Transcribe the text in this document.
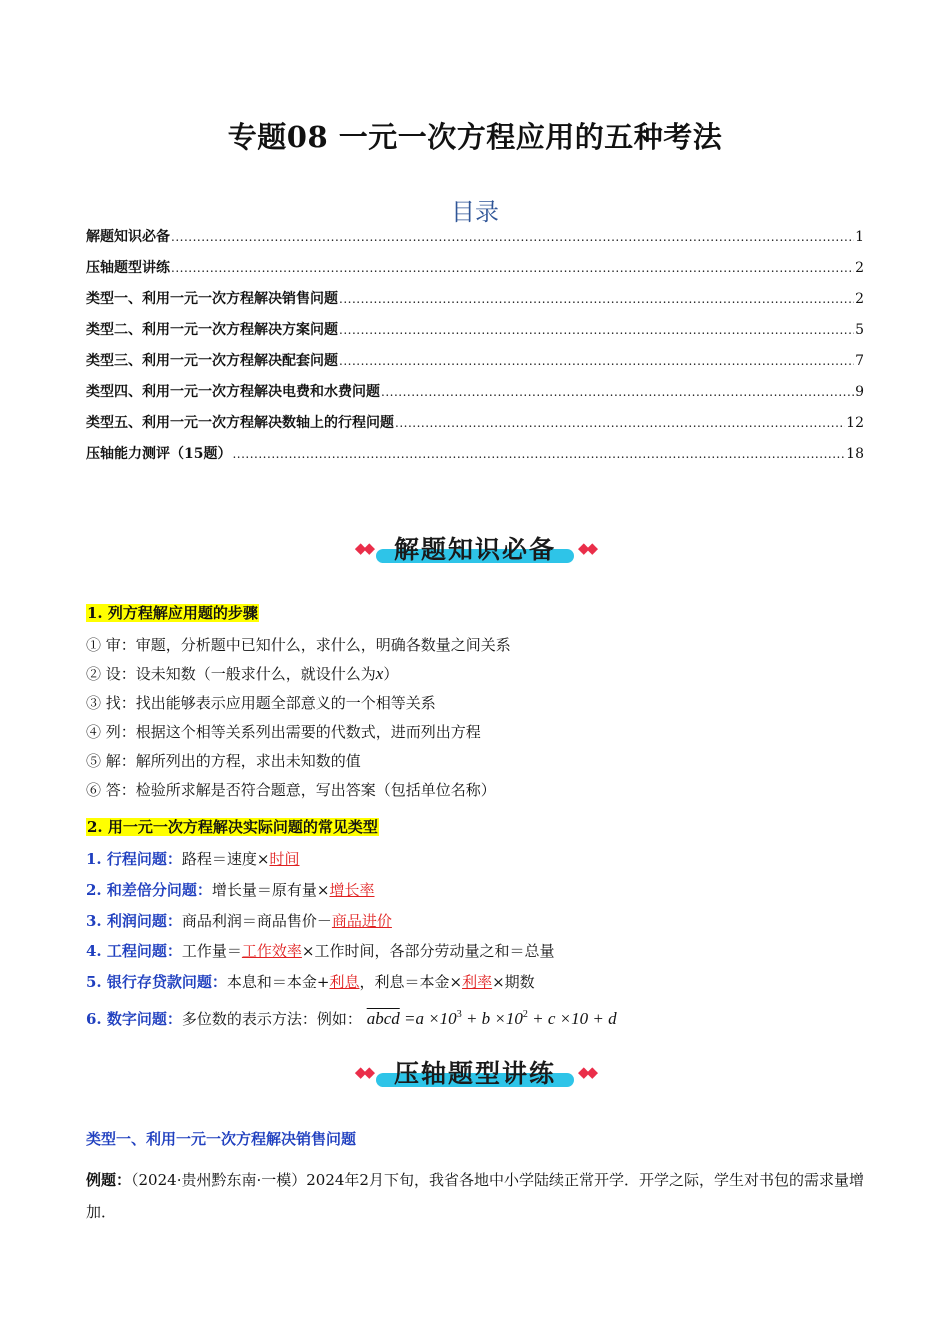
专题08 一元一次方程应用的五种考法
目录
解题知识必备 .....	1
压轴题型讲练 .....	2
类型一、利用一元一次方程解决销售问题 .....	2
类型二、利用一元一次方程解决方案问题 .....	5
类型三、利用一元一次方程解决配套问题 .....	7
类型四、利用一元一次方程解决电费和水费问题 .....	9
类型五、利用一元一次方程解决数轴上的行程问题 .....	12
压轴能力测评（15题） .....	18
◆◆ 解题知识必备 ◆◆
1. 列方程解应用题的步骤
① 审：审题，分析题中已知什么，求什么，明确各数量之间关系
② 设：设未知数（一般求什么，就设什么为x）
③ 找：找出能够表示应用题全部意义的一个相等关系
④ 列：根据这个相等关系列出需要的代数式，进而列出方程
⑤ 解：解所列出的方程，求出未知数的值
⑥ 答：检验所求解是否符合题意，写出答案（包括单位名称）
2. 用一元一次方程解决实际问题的常见类型
1. 行程问题：路程＝速度×时间
2. 和差倍分问题：增长量＝原有量×增长率
3. 利润问题：商品利润＝商品售价－商品进价
4. 工程问题：工作量＝工作效率×工作时间，各部分劳动量之和＝总量
5. 银行存贷款问题：本息和＝本金+利息，利息＝本金×利率×期数
6. 数字问题：多位数的表示方法：例如： abcd $=a \times 10^3 + b \times 10^2 + c \times 10 + d$
◆◆ 压轴题型讲练 ◆◆
类型一、利用一元一次方程解决销售问题
例题：（2024·贵州黔东南·一模）2024年2月下旬，我省各地中小学陆续正常开学．开学之际，学生对书包的需求量增加．
